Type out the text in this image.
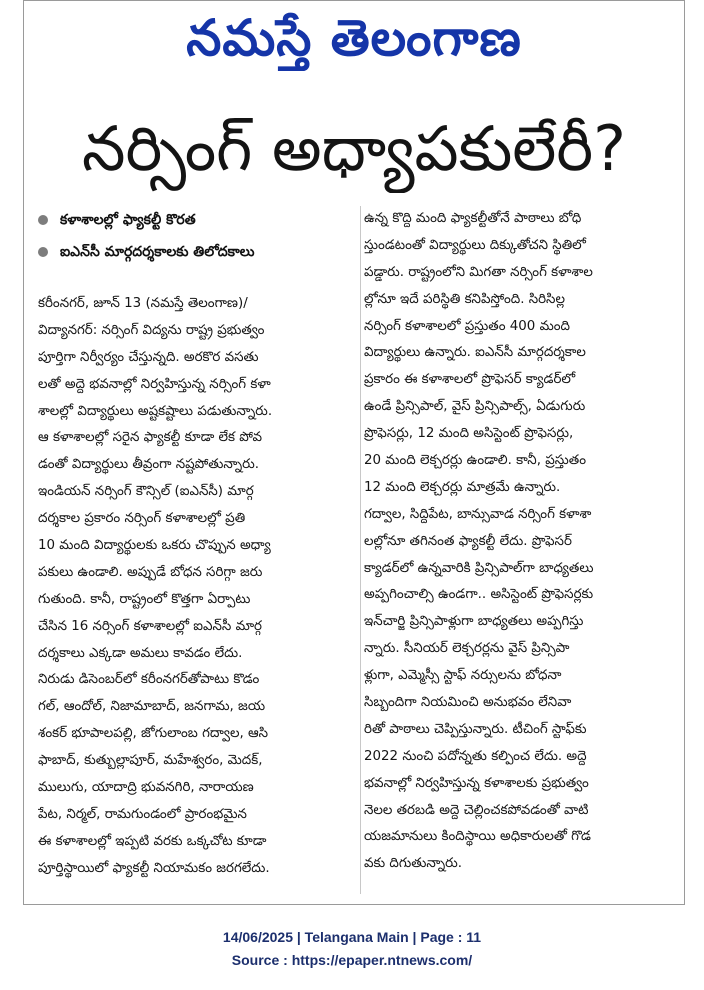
నమస్తే తెలంగాణ
నర్సింగ్ అధ్యాపకులేరీ?
కళాశాలల్లో ఫ్యాకల్టీ కొరత
ఐఎన్‌సీ మార్గదర్శకాలకు తిలోదకాలు
కరీంనగర్, జూన్ 13 (నమస్తే తెలంగాణ)/
విద్యానగర్: నర్సింగ్ విద్యను రాష్ట్ర ప్రభుత్వం
పూర్తిగా నిర్వీర్యం చేస్తున్నది. అరకొర వసతు
లతో అద్దె భవనాల్లో నిర్వహిస్తున్న నర్సింగ్ కళా
శాలల్లో విద్యార్థులు అష్టకష్టాలు పడుతున్నారు.
ఆ కళాశాలల్లో సరైన ఫ్యాకల్టీ కూడా లేక పోవ
డంతో విద్యార్థులు తీవ్రంగా నష్టపోతున్నారు.
ఇండియన్ నర్సింగ్ కౌన్సిల్ (ఐఎన్‌సీ) మార్గ
దర్శకాల ప్రకారం నర్సింగ్ కళాశాలల్లో ప్రతి
10 మంది విద్యార్థులకు ఒకరు చొప్పున అధ్యా
పకులు ఉండాలి. అప్పుడే బోధన సరిగ్గా జరు
గుతుంది. కానీ, రాష్ట్రంలో కొత్తగా ఏర్పాటు
చేసిన 16 నర్సింగ్ కళాశాలల్లో ఐఎన్‌సీ మార్గ
దర్శకాలు ఎక్కడా అమలు కావడం లేదు.
నిరుడు డిసెంబర్‌లో కరీంనగర్‌తోపాటు కొడం
గల్, ఆందోల్, నిజామాబాద్, జనగామ, జయ
శంకర్ భూపాలపల్లి, జోగులాంబ గద్వాల, ఆసి
ఫాబాద్, కుత్బుల్లాపూర్, మహేశ్వరం, మెదక్,
ములుగు, యాదాద్రి భువనగిరి, నారాయణ
పేట, నిర్మల్, రామగుండంలో ప్రారంభమైన
ఈ కళాశాలల్లో ఇప్పటి వరకు ఒక్కచోట కూడా
పూర్తిస్థాయిలో ఫ్యాకల్టీ నియామకం జరగలేదు.
ఉన్న కొద్ది మంది ఫ్యాకల్టీతోనే పాఠాలు బోధి
స్తుండటంతో విద్యార్థులు దిక్కుతోచని స్థితిలో
పడ్డారు. రాష్ట్రంలోని మిగతా నర్సింగ్ కళాశాల
ల్లోనూ ఇదే పరిస్థితి కనిపిస్తోంది. సిరిసిల్ల
నర్సింగ్ కళాశాలలో ప్రస్తుతం 400 మంది
విద్యార్థులు ఉన్నారు. ఐఎన్‌సీ మార్గదర్శకాల
ప్రకారం ఈ కళాశాలలో ప్రొఫెసర్ క్యాడర్‌లో
ఉండే ప్రిన్సిపాల్, వైస్ ప్రిన్సిపాల్స్, ఏడుగురు
ప్రొఫెసర్లు, 12 మంది అసిస్టెంట్ ప్రొఫెసర్లు,
20 మంది లెక్చరర్లు ఉండాలి. కానీ, ప్రస్తుతం
12 మంది లెక్చరర్లు మాత్రమే ఉన్నారు.
గద్వాల, సిద్దిపేట, బాన్సువాడ నర్సింగ్ కళాశా
లల్లోనూ తగినంత ఫ్యాకల్టీ లేదు. ప్రొఫెసర్
క్యాడర్‌లో ఉన్నవారికి ప్రిన్సిపాల్‌గా బాధ్యతలు
అప్పగించాల్సి ఉండగా.. అసిస్టెంట్ ప్రొఫెసర్లకు
ఇన్‌చార్జి ప్రిన్సిపాళ్లుగా బాధ్యతలు అప్పగిస్తు
న్నారు. సీనియర్ లెక్చరర్లను వైస్ ప్రిన్సిపా
ళ్లుగా, ఎమ్మెస్సీ స్టాఫ్ నర్సులను బోధనా
సిబ్బందిగా నియమించి అనుభవం లేనివా
రితో పాఠాలు చెప్పిస్తున్నారు. టీచింగ్ స్టాఫ్‌కు
2022 నుంచి పదోన్నతు కల్పించ లేదు. అద్దె
భవనాల్లో నిర్వహిస్తున్న కళాశాలకు ప్రభుత్వం
నెలల తరబడి అద్దె చెల్లించకపోవడంతో వాటి
యజమానులు కిందిస్థాయి అధికారులతో గొడ
వకు దిగుతున్నారు.
14/06/2025 | Telangana Main | Page : 11
Source : https://epaper.ntnews.com/
